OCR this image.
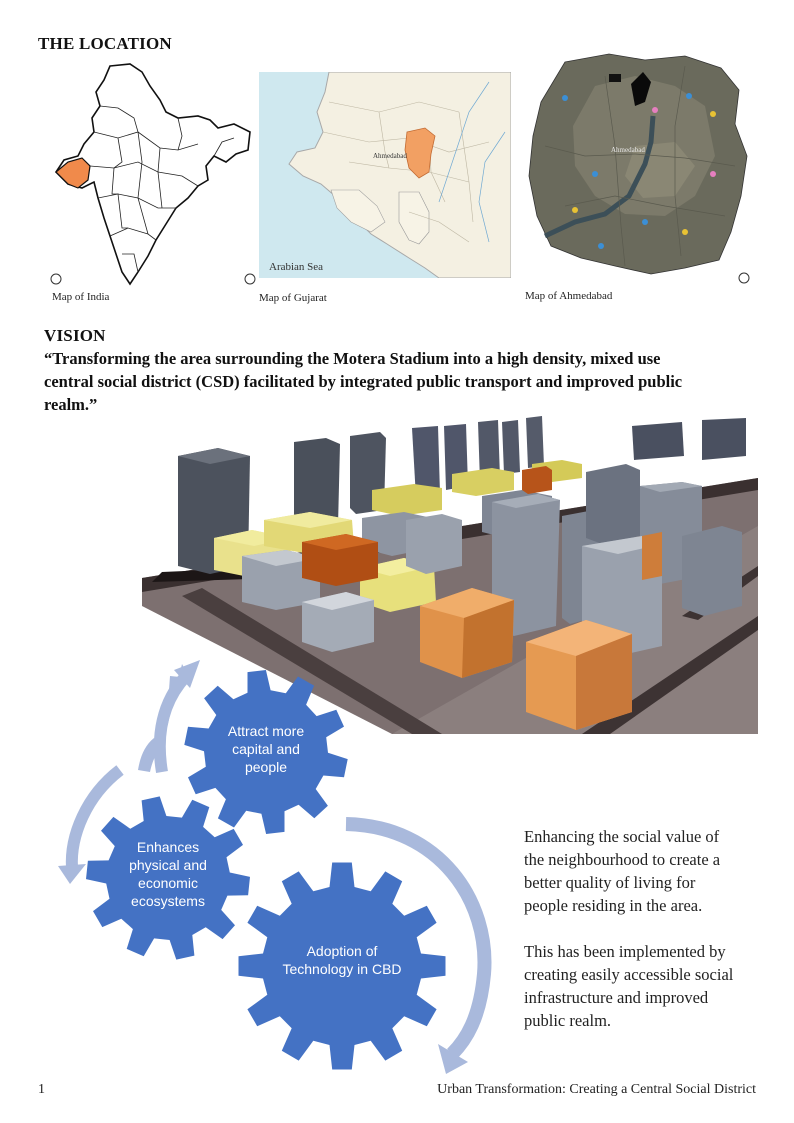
THE LOCATION
Map of India
Ahmedabad
Arabian Sea
Map of Gujarat
Ahmedabad
Map of Ahmedabad
VISION
“Transforming the area surrounding the Motera Stadium into a high density, mixed use
central social district (CSD) facilitated by integrated public transport and improved public
realm.”
Attract more
capital and
people
Enhances
physical and
economic
ecosystems
Adoption of
Technology in CBD
Enhancing the social value of
the neighbourhood to create a
better quality of living for
people residing in the area.
This has been implemented by
creating easily accessible social
infrastructure and improved
public realm.
1	Urban Transformation: Creating a Central Social District
